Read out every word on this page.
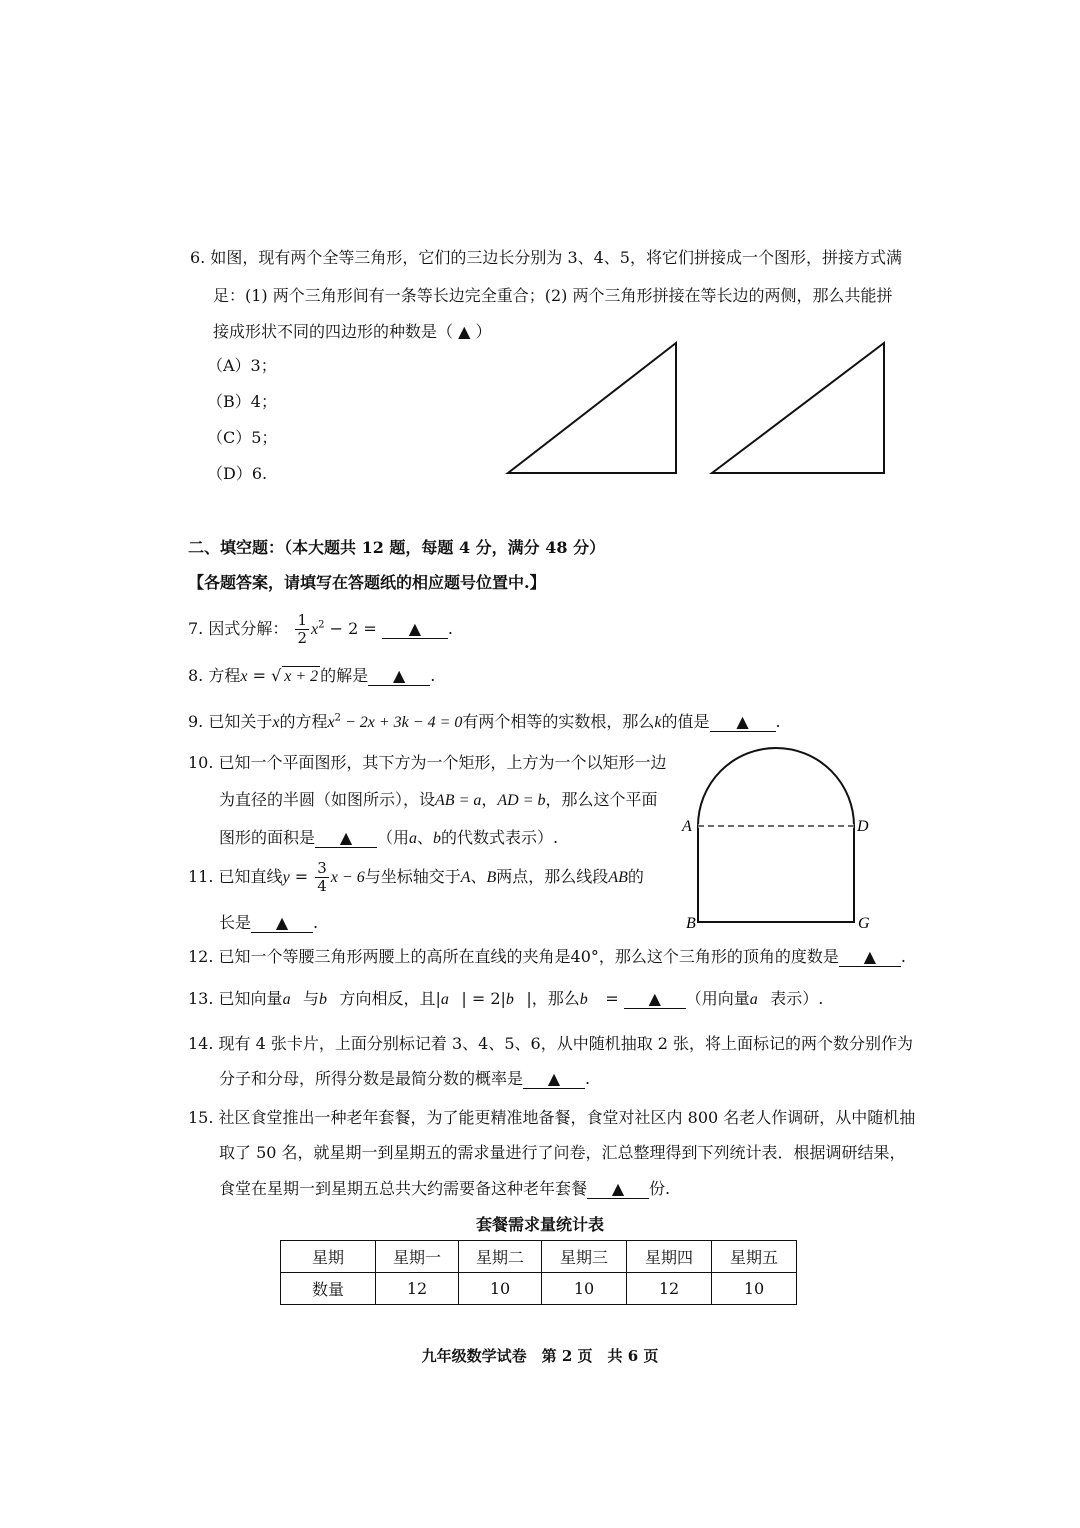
6. 如图，现有两个全等三角形，它们的三边长分别为 3、4、5，将它们拼接成一个图形，拼接方式满
足：(1) 两个三角形间有一条等长边完全重合；(2) 两个三角形拼接在等长边的两侧，那么共能拼
接成形状不同的四边形的种数是（ ▲ ）
（A）3；
（B）4；
（C）5；
（D）6.
二、填空题：（本大题共 12 题，每题 4 分，满分 48 分）
【各题答案，请填写在答题纸的相应题号位置中.】
7. 因式分解： $\frac{1}{2} x^2 - 2$ = ▲ .
8. 方程x = √ x + 2 的解是 ▲ .
9. 已知关于x的方程$x^2 - 2x + 3k - 4 = 0$有两个相等的实数根，那么k的值是 ▲ .
10. 已知一个平面图形，其下方为一个矩形，上方为一个以矩形一边
为直径的半圆（如图所示），设AB = a，AD = b，那么这个平面
图形的面积是 ▲ （用a、b的代数式表示）.
A	D
B	G
11. 已知直线$y = \frac{3}{4}$ x − 6与坐标轴交于A、B两点，那么线段AB的
长是 ▲ .
12. 已知一个等腰三角形两腰上的高所在直线的夹角是40°，那么这个三角形的顶角的度数是 ▲ .
13. 已知向量a⃗与b⃗方向相反，且|a⃗| = 2|b⃗|，那么b⃗ = ▲ （用向量a⃗表示）.
14. 现有 4 张卡片，上面分别标记着 3、4、5、6，从中随机抽取 2 张，将上面标记的两个数分别作为
分子和分母，所得分数是最简分数的概率是 ▲ .
15. 社区食堂推出一种老年套餐，为了能更精准地备餐，食堂对社区内 800 名老人作调研，从中随机抽
取了 50 名，就星期一到星期五的需求量进行了问卷，汇总整理得到下列统计表．根据调研结果，
食堂在星期一到星期五总共大约需要备这种老年套餐 ▲ 份.
套餐需求量统计表
星期	星期一	星期二	星期三	星期四	星期五
数量	12	10	10	12	10
九年级数学试卷　第 2 页　共 6 页
